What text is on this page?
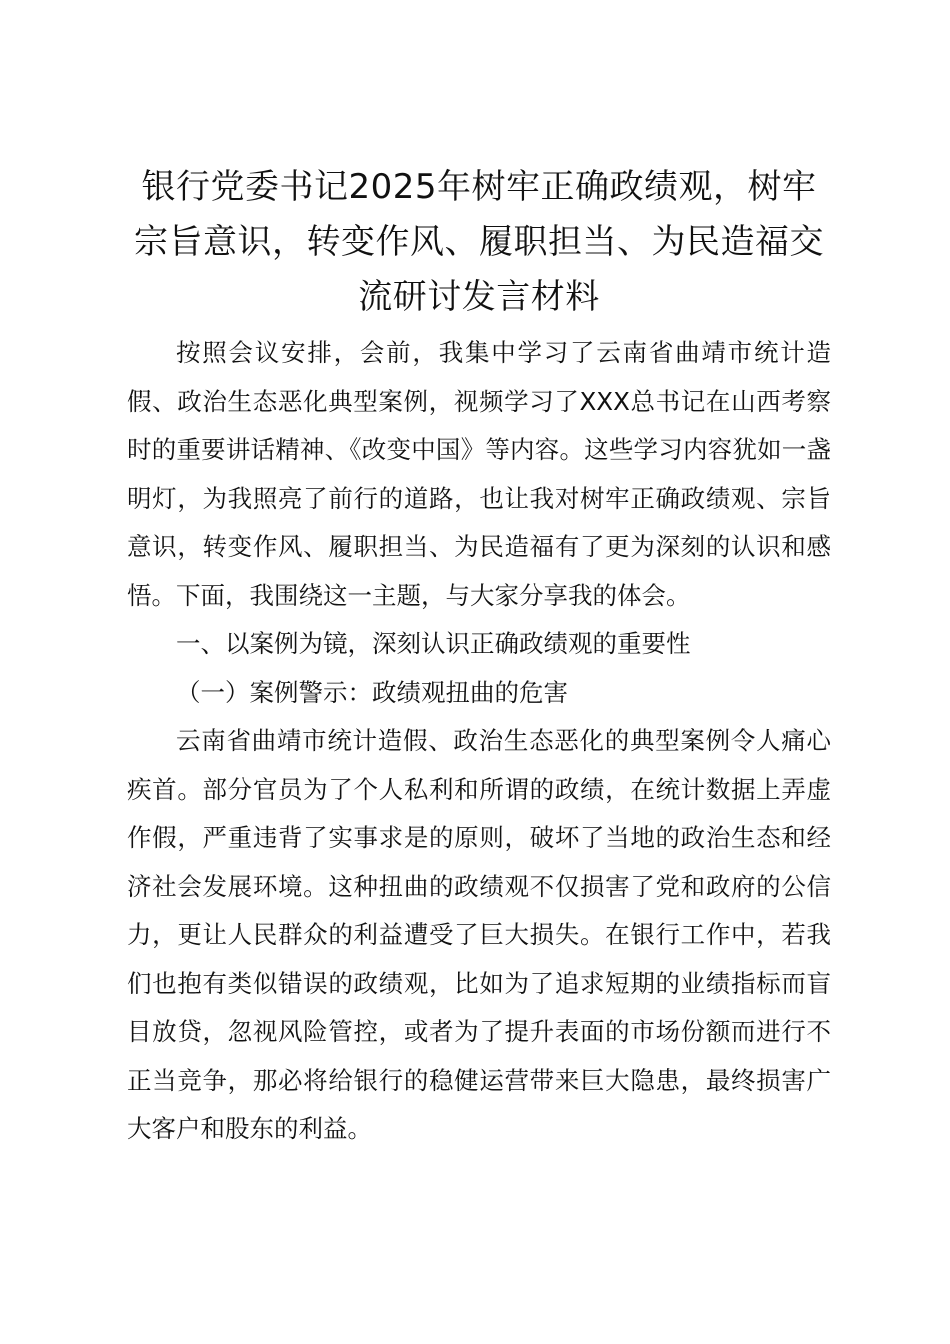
银行党委书记2025年树牢正确政绩观，树牢宗旨意识，转变作风、履职担当、为民造福交流研讨发言材料

按照会议安排，会前，我集中学习了云南省曲靖市统计造假、政治生态恶化典型案例，视频学习了XXX总书记在山西考察时的重要讲话精神、《改变中国》等内容。这些学习内容犹如一盏明灯，为我照亮了前行的道路，也让我对树牢正确政绩观、宗旨意识，转变作风、履职担当、为民造福有了更为深刻的认识和感悟。下面，我围绕这一主题，与大家分享我的体会。

一、以案例为镜，深刻认识正确政绩观的重要性

（一）案例警示：政绩观扭曲的危害

云南省曲靖市统计造假、政治生态恶化的典型案例令人痛心疾首。部分官员为了个人私利和所谓的政绩，在统计数据上弄虚作假，严重违背了实事求是的原则，破坏了当地的政治生态和经济社会发展环境。这种扭曲的政绩观不仅损害了党和政府的公信力，更让人民群众的利益遭受了巨大损失。在银行工作中，若我们也抱有类似错误的政绩观，比如为了追求短期的业绩指标而盲目放贷，忽视风险管控，或者为了提升表面的市场份额而进行不正当竞争，那必将给银行的稳健运营带来巨大隐患，最终损害广大客户和股东的利益。
